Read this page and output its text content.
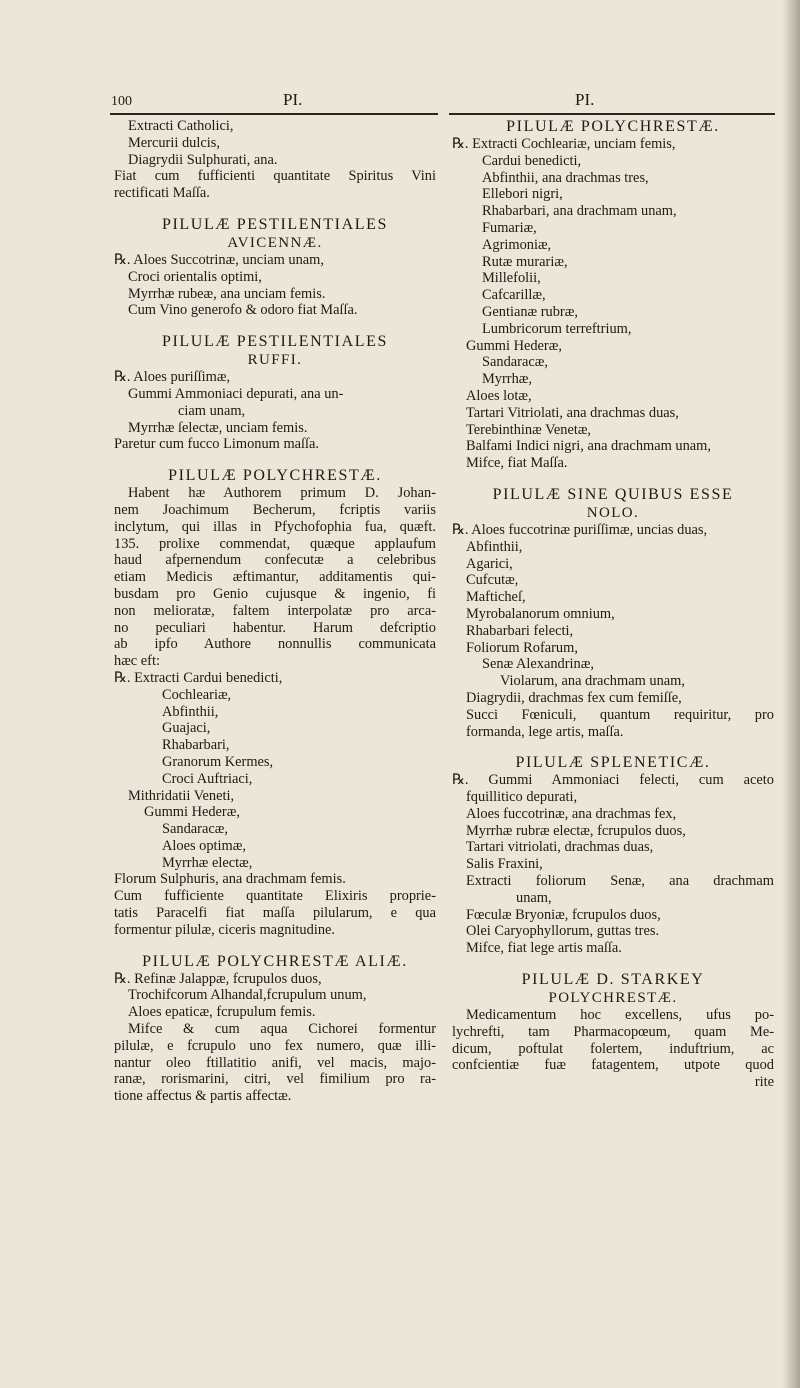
100	PI.	PI.
Extracti Catholici,
Mercurii dulcis,
Diagrydii Sulphurati, ana.
Fiat cum fufficienti quantitate Spiritus Vini
rectificati Maſſa.
PILULÆ PESTILENTIALES
AVICENNÆ.
℞. Aloes Succotrinæ, unciam unam,
Croci orientalis optimi,
Myrrhæ rubeæ, ana unciam femis.
Cum Vino generofo & odoro fiat Maſſa.
PILULÆ PESTILENTIALES
RUFFI.
℞. Aloes puriſſimæ,
Gummi Ammoniaci depurati, ana un-
ciam unam,
Myrrhæ ſelectæ, unciam femis.
Paretur cum fucco Limonum maſſa.
PILULÆ POLYCHRESTÆ.
Habent hæ Authorem primum D. Johan-
nem Joachimum Becherum, fcriptis variis
inclytum, qui illas in Pfychofophia fua, quæft.
135. prolixe commendat, quæque applaufum
haud afpernendum confecutæ a celebribus
etiam Medicis æftimantur, additamentis qui-
busdam pro Genio cujusque & ingenio, fi
non melioratæ, faltem interpolatæ pro arca-
no peculiari habentur. Harum defcriptio
ab ipfo Authore nonnullis communicata
hæc eft:
℞. Extracti Cardui benedicti,
Cochleariæ,
Abfinthii,
Guajaci,
Rhabarbari,
Granorum Kermes,
Croci Auftriaci,
Mithridatii Veneti,
Gummi Hederæ,
Sandaracæ,
Aloes optimæ,
Myrrhæ electæ,
Florum Sulphuris, ana drachmam femis.
Cum fufficiente quantitate Elixiris proprie-
tatis Paracelfi fiat maſſa pilularum, e qua
formentur pilulæ, ciceris magnitudine.
PILULÆ POLYCHRESTÆ ALIÆ.
℞. Refinæ Jalappæ, fcrupulos duos,
Trochifcorum Alhandal,fcrupulum unum,
Aloes epaticæ, fcrupulum femis.
Mifce & cum aqua Cichorei formentur
pilulæ, e fcrupulo uno fex numero, quæ illi-
nantur oleo ftillatitio anifi, vel macis, majo-
ranæ, rorismarini, citri, vel fimilium pro ra-
tione affectus & partis affectæ.
PILULÆ POLYCHRESTÆ.
℞. Extracti Cochleariæ, unciam femis,
Cardui benedicti,
Abfinthii, ana drachmas tres,
Ellebori nigri,
Rhabarbari, ana drachmam unam,
Fumariæ,
Agrimoniæ,
Rutæ murariæ,
Millefolii,
Cafcarillæ,
Gentianæ rubræ,
Lumbricorum terreftrium,
Gummi Hederæ,
Sandaracæ,
Myrrhæ,
Aloes lotæ,
Tartari Vitriolati, ana drachmas duas,
Terebinthinæ Venetæ,
Balfami Indici nigri, ana drachmam unam,
Mifce, fiat Maſſa.
PILULÆ SINE QUIBUS ESSE
NOLO.
℞. Aloes fuccotrinæ puriſſimæ, uncias duas,
Abfinthii,
Agarici,
Cufcutæ,
Mafticheſ,
Myrobalanorum omnium,
Rhabarbari felecti,
Foliorum Rofarum,
Senæ Alexandrinæ,
Violarum, ana drachmam unam,
Diagrydii, drachmas fex cum femiſſe,
Succi Fœniculi, quantum requiritur, pro
formanda, lege artis, maſſa.
PILULÆ SPLENETICÆ.
℞. Gummi Ammoniaci felecti, cum aceto
fquillitico depurati,
Aloes fuccotrinæ, ana drachmas fex,
Myrrhæ rubræ electæ, fcrupulos duos,
Tartari vitriolati, drachmas duas,
Salis Fraxini,
Extracti foliorum Senæ, ana drachmam
unam,
Fœculæ Bryoniæ, fcrupulos duos,
Olei Caryophyllorum, guttas tres.
Mifce, fiat lege artis maſſa.
PILULÆ D. STARKEY
POLYCHRESTÆ.
Medicamentum hoc excellens, ufus po-
lychrefti, tam Pharmacopœum, quam Me-
dicum, poftulat folertem, induftrium, ac
confcientiæ fuæ fatagentem, utpote quod
rite
